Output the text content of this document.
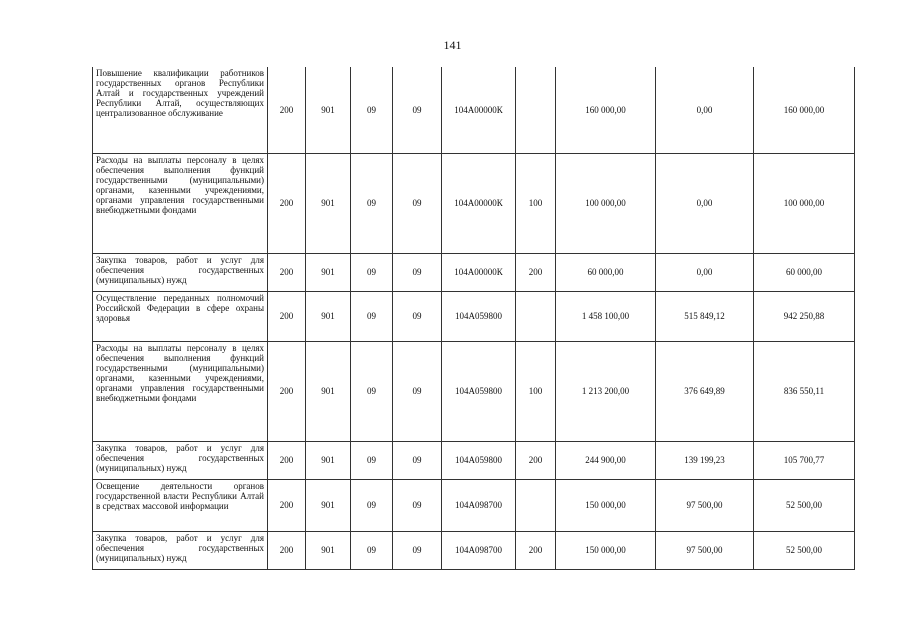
141
Повышение квалификации работников государственных органов Республики Алтай и государственных учреждений Республики Алтай, осуществляющих централизованное обслуживание	200	901	09	09	104А00000К		160 000,00	0,00	160 000,00
Расходы на выплаты персоналу в целях обеспечения выполнения функций государственными (муниципальными) органами, казенными учреждениями, органами управления государственными внебюджетными фондами	200	901	09	09	104А00000К	100	100 000,00	0,00	100 000,00
Закупка товаров, работ и услуг для обеспечения государственных (муниципальных) нужд	200	901	09	09	104А00000К	200	60 000,00	0,00	60 000,00
Осуществление переданных полномочий Российской Федерации в сфере охраны здоровья	200	901	09	09	104А059800		1 458 100,00	515 849,12	942 250,88
Расходы на выплаты персоналу в целях обеспечения выполнения функций государственными (муниципальными) органами, казенными учреждениями, органами управления государственными внебюджетными фондами	200	901	09	09	104А059800	100	1 213 200,00	376 649,89	836 550,11
Закупка товаров, работ и услуг для обеспечения государственных (муниципальных) нужд	200	901	09	09	104А059800	200	244 900,00	139 199,23	105 700,77
Освещение деятельности органов государственной власти Республики Алтай в средствах массовой информации	200	901	09	09	104А098700		150 000,00	97 500,00	52 500,00
Закупка товаров, работ и услуг для обеспечения государственных (муниципальных) нужд	200	901	09	09	104А098700	200	150 000,00	97 500,00	52 500,00
